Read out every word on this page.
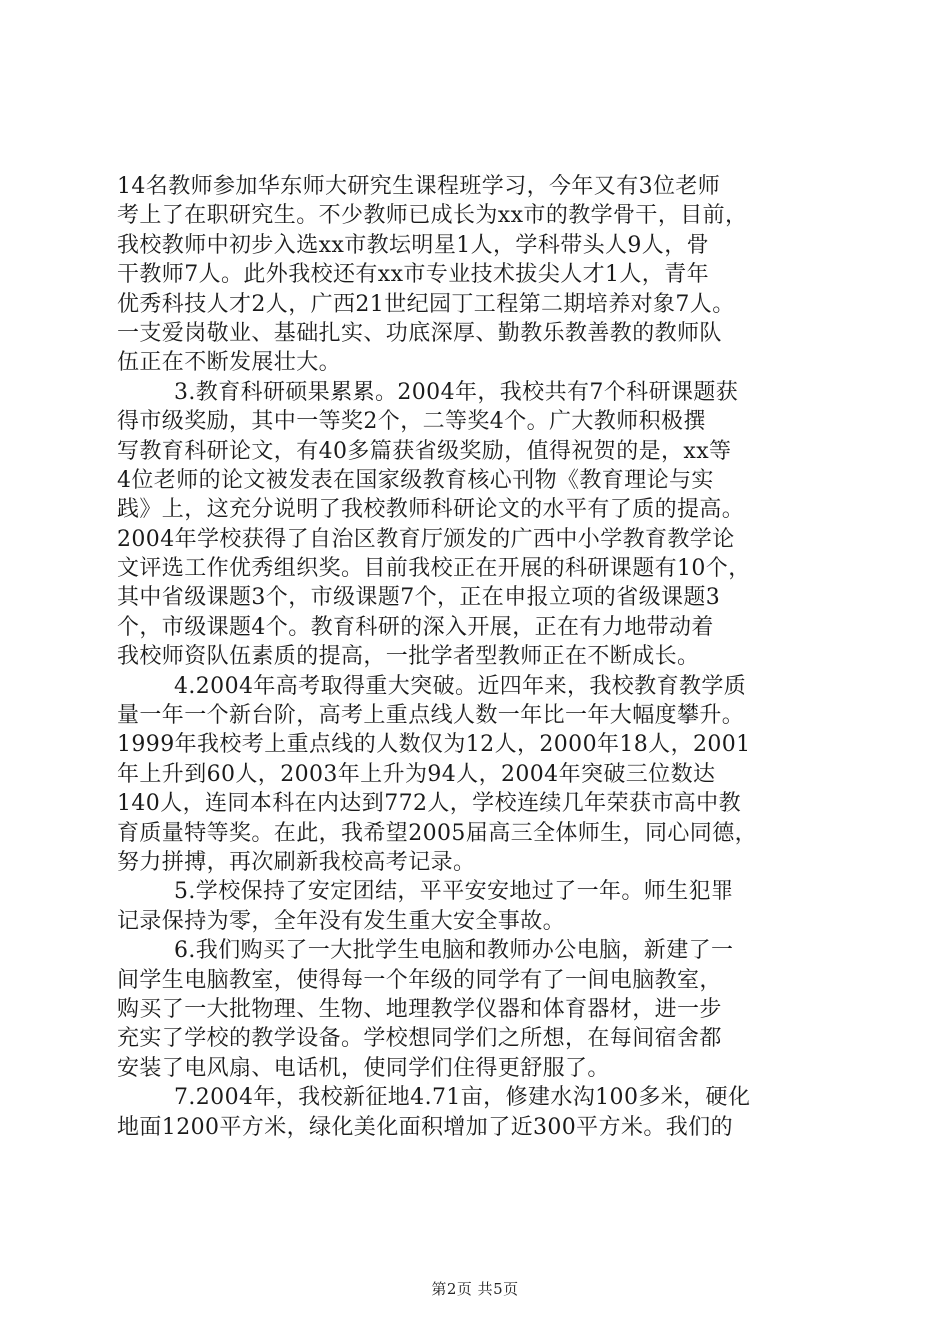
14名教师参加华东师大研究生课程班学习，今年又有3位老师
考上了在职研究生。不少教师已成长为xx市的教学骨干，目前，
我校教师中初步入选xx市教坛明星1人，学科带头人9人，骨
干教师7人。此外我校还有xx市专业技术拔尖人才1人，青年
优秀科技人才2人，广西21世纪园丁工程第二期培养对象7人。
一支爱岗敬业、基础扎实、功底深厚、勤教乐教善教的教师队
伍正在不断发展壮大。
3.教育科研硕果累累。2004年，我校共有7个科研课题获
得市级奖励，其中一等奖2个，二等奖4个。广大教师积极撰
写教育科研论文，有40多篇获省级奖励，值得祝贺的是，xx等
4位老师的论文被发表在国家级教育核心刊物《教育理论与实
践》上，这充分说明了我校教师科研论文的水平有了质的提高。
2004年学校获得了自治区教育厅颁发的广西中小学教育教学论
文评选工作优秀组织奖。目前我校正在开展的科研课题有10个，
其中省级课题3个，市级课题7个，正在申报立项的省级课题3
个，市级课题4个。教育科研的深入开展，正在有力地带动着
我校师资队伍素质的提高，一批学者型教师正在不断成长。
4.2004年高考取得重大突破。近四年来，我校教育教学质
量一年一个新台阶，高考上重点线人数一年比一年大幅度攀升。
1999年我校考上重点线的人数仅为12人，2000年18人，2001
年上升到60人，2003年上升为94人，2004年突破三位数达
140人，连同本科在内达到772人，学校连续几年荣获市高中教
育质量特等奖。在此，我希望2005届高三全体师生，同心同德，
努力拼搏，再次刷新我校高考记录。
5.学校保持了安定团结，平平安安地过了一年。师生犯罪
记录保持为零，全年没有发生重大安全事故。
6.我们购买了一大批学生电脑和教师办公电脑，新建了一
间学生电脑教室，使得每一个年级的同学有了一间电脑教室，
购买了一大批物理、生物、地理教学仪器和体育器材，进一步
充实了学校的教学设备。学校想同学们之所想，在每间宿舍都
安装了电风扇、电话机，使同学们住得更舒服了。
7.2004年，我校新征地4.71亩，修建水沟100多米，硬化
地面1200平方米，绿化美化面积增加了近300平方米。我们的
第2页 共5页
